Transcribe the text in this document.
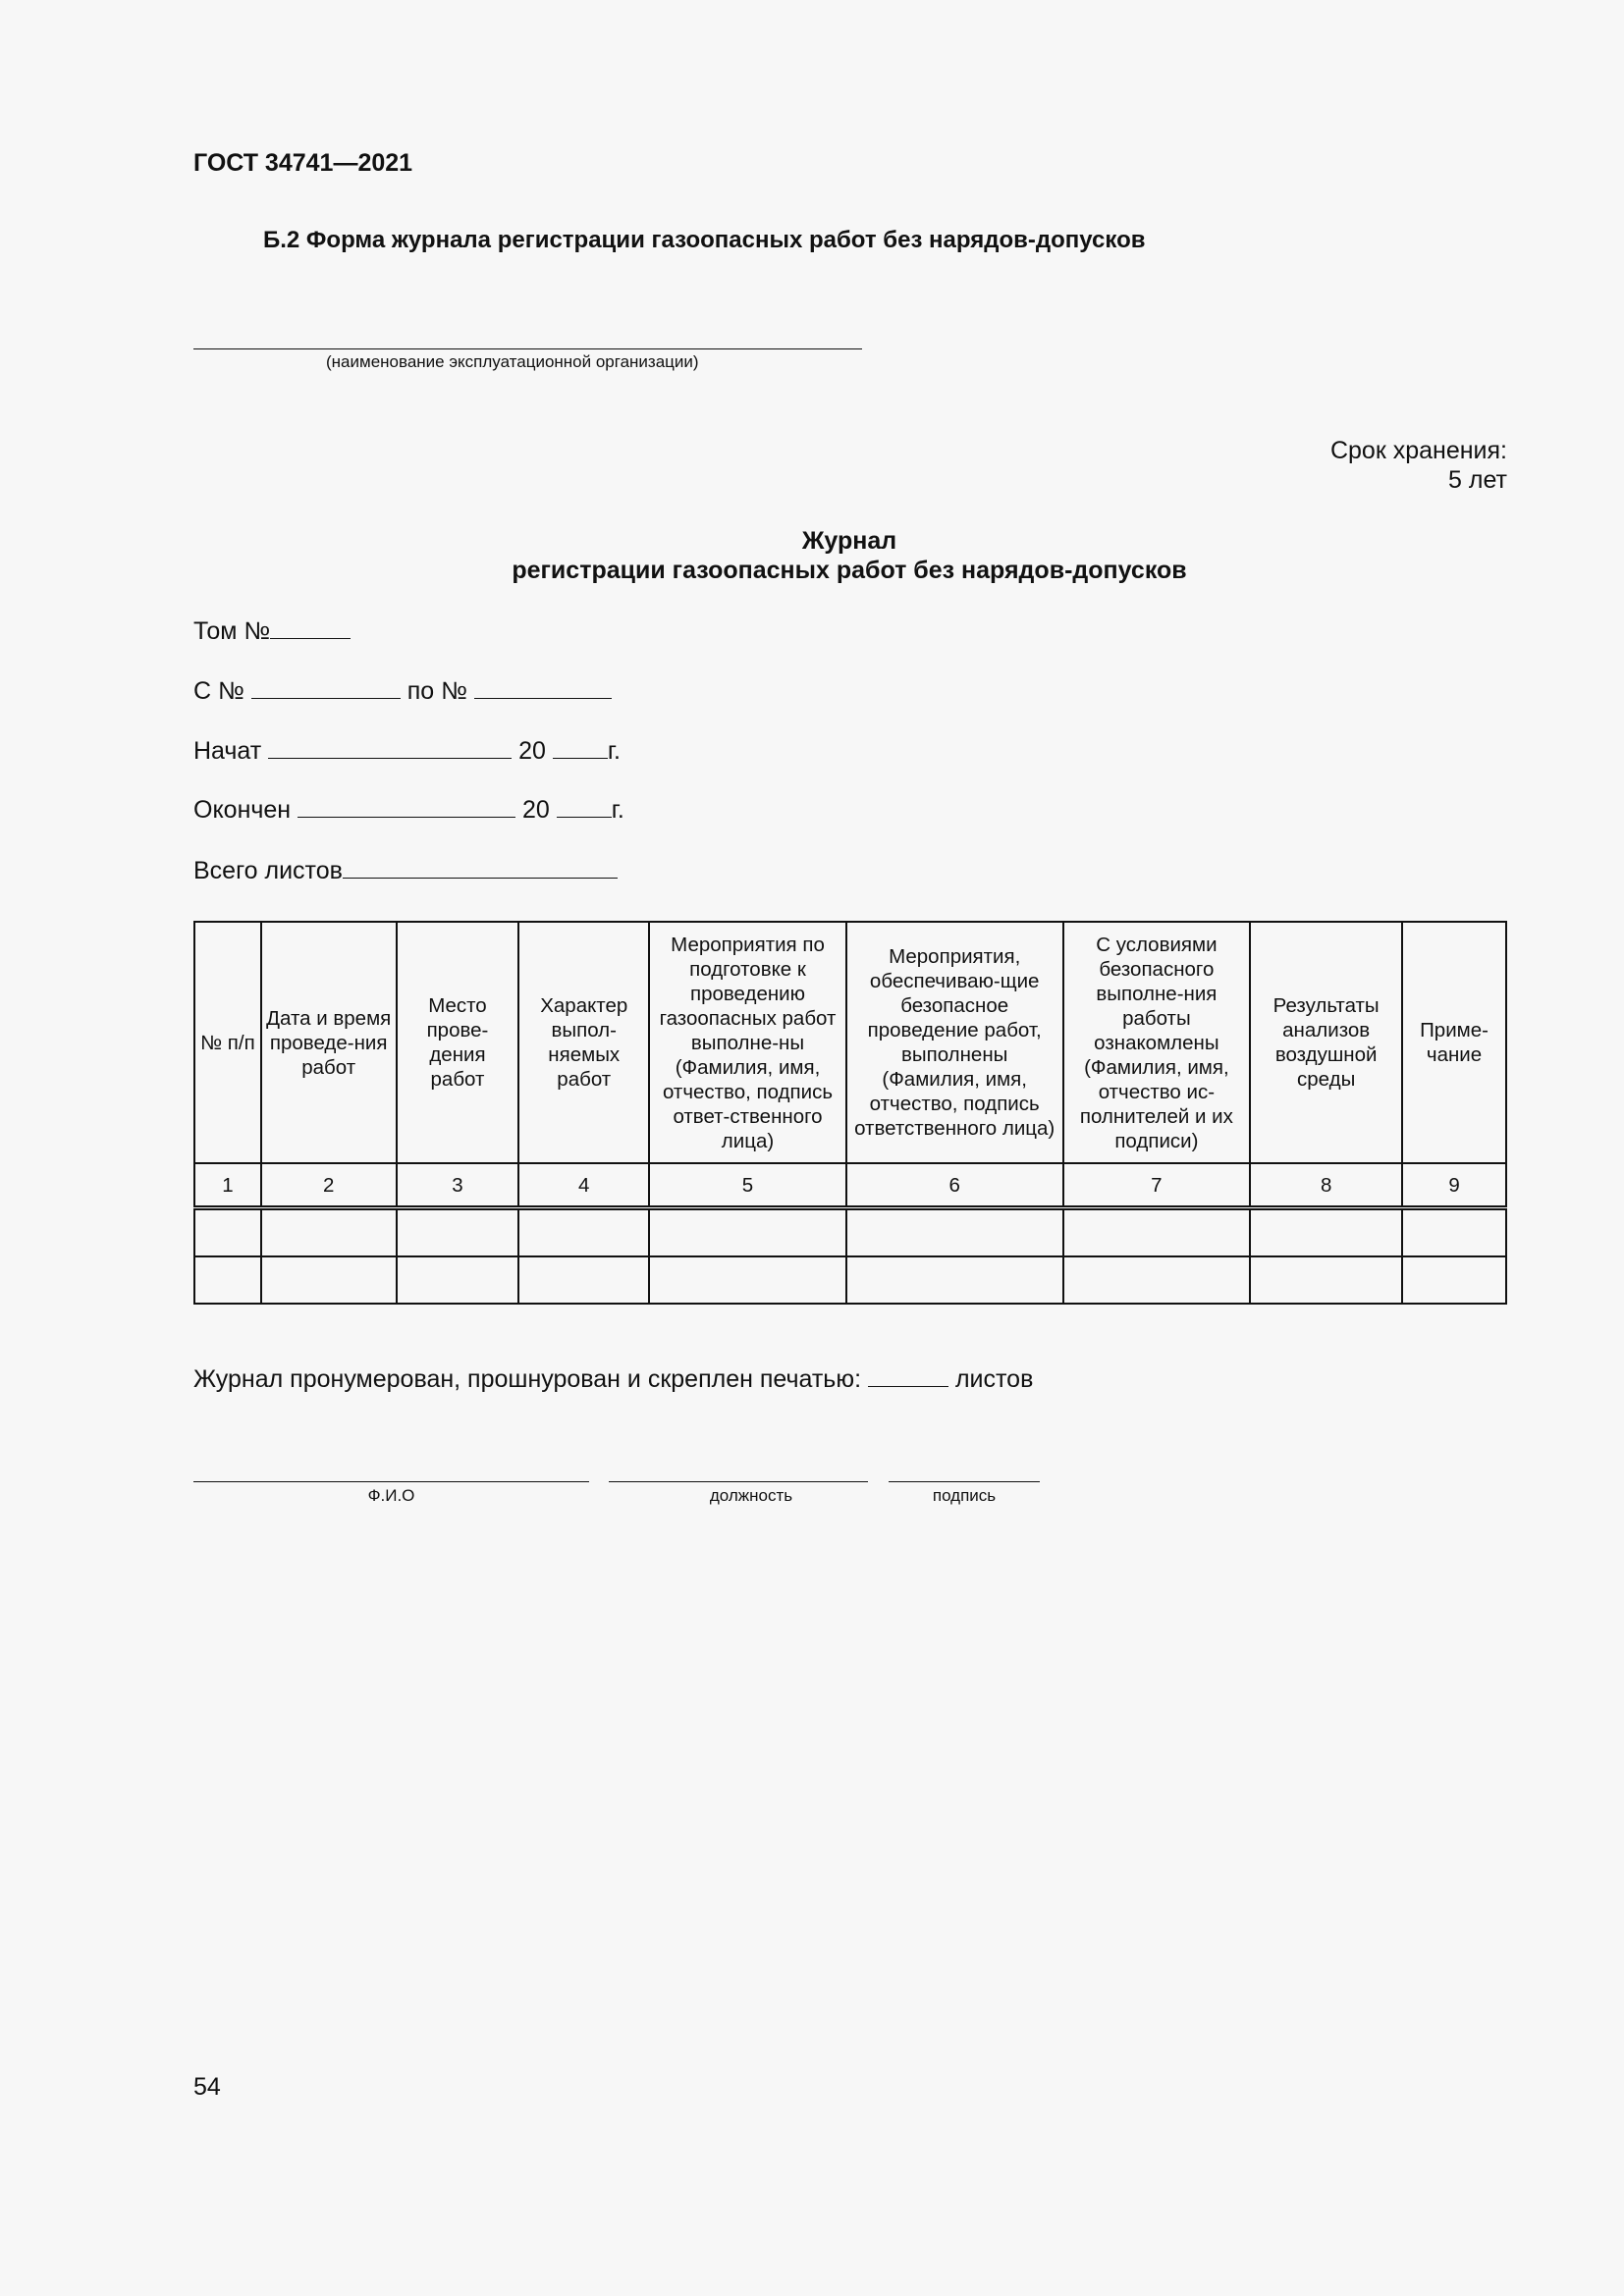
ГОСТ 34741—2021
Б.2 Форма журнала регистрации газоопасных работ без нарядов-допусков
(наименование эксплуатационной организации)
Срок хранения:
5 лет
Журнал
регистрации газоопасных работ без нарядов-допусков
Том №
С №	по №
Начат	20	г.
Окончен	20	г.
Всего листов
№ п/п	Дата и время проведе-ния работ	Место прове-дения работ	Характер выпол-няемых работ	Мероприятия по подготовке к проведению газоопасных работ выполне-ны (Фамилия, имя, отчество, подпись ответ-ственного лица)	Мероприятия, обеспечиваю-щие безопасное проведение работ, выполнены (Фамилия, имя, отчество, подпись ответственного лица)	С условиями безопасного выполне-ния работы ознакомлены (Фамилия, имя, отчество ис-полнителей и их подписи)	Результаты анализов воздушной среды	Приме-чание
1	2	3	4	5	6	7	8	9

Журнал пронумерован, прошнурован и скреплен печатью:	листов
Ф.И.О	должность	подпись
54
